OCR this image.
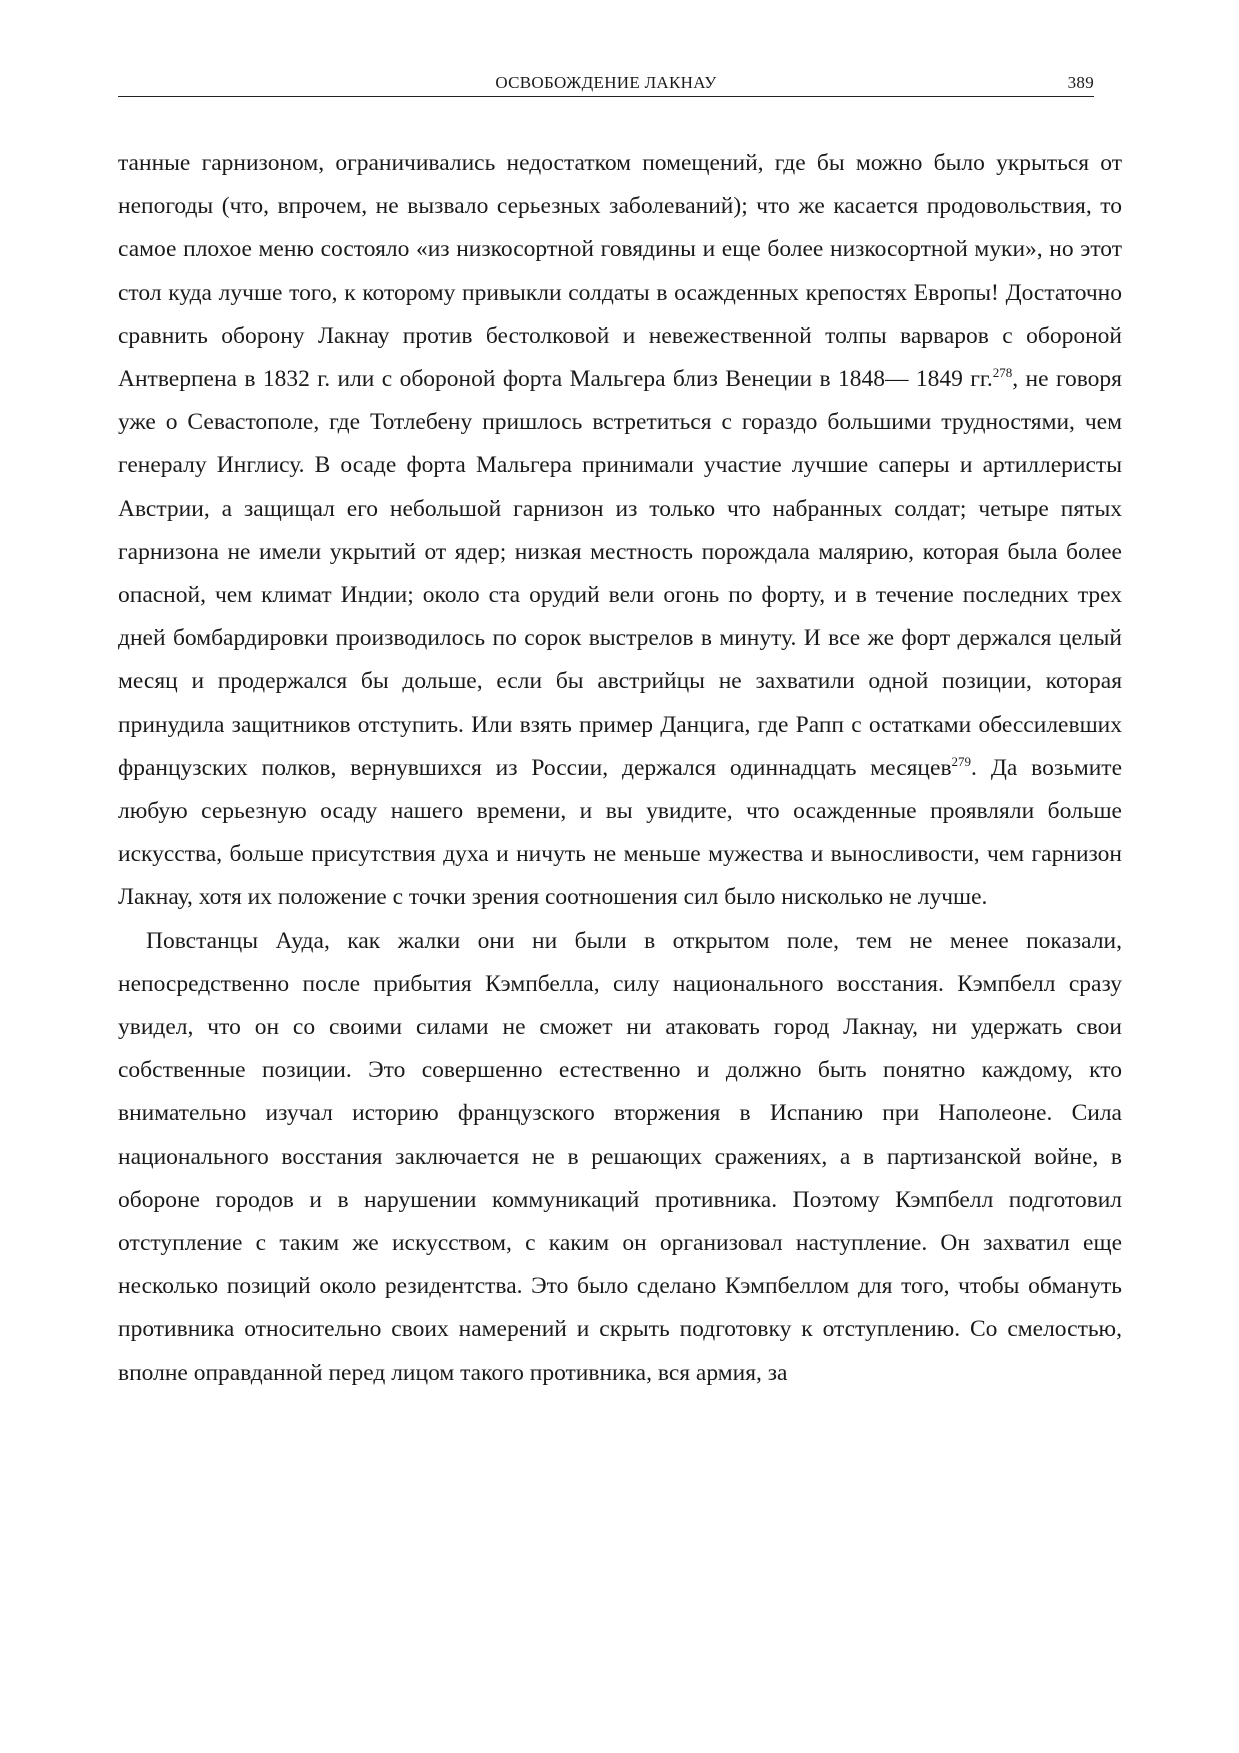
ОСВОБОЖДЕНИЕ ЛАКНАУ	389

танные гарнизоном, ограничивались недостатком помещений, где бы можно было укрыться от непогоды (что, впрочем, не вызвало серьезных заболеваний); что же касается продовольствия, то самое плохое меню состояло «из низкосортной говядины и еще более низкосортной муки», но этот стол куда лучше того, к которому привыкли солдаты в осажденных крепостях Европы! Достаточно сравнить оборону Лакнау против бестолковой и невежественной толпы варваров с обороной Антверпена в 1832 г. или с обороной форта Мальгера близ Венеции в 1848— 1849 гг.$^{278}$, не говоря уже о Севастополе, где Тотлебену пришлось встретиться с гораздо большими трудностями, чем генералу Инглису. В осаде форта Мальгера принимали участие лучшие саперы и артиллеристы Австрии, а защищал его небольшой гарнизон из только что набранных солдат; четыре пятых гарнизона не имели укрытий от ядер; низкая местность порождала малярию, которая была более опасной, чем климат Индии; около ста орудий вели огонь по форту, и в течение последних трех дней бомбардировки производилось по сорок выстрелов в минуту. И все же форт держался целый месяц и продержался бы дольше, если бы австрийцы не захватили одной позиции, которая принудила защитников отступить. Или взять пример Данцига, где Рапп с остатками обессилевших французских полков, вернувшихся из России, держался одиннадцать месяцев$^{279}$. Да возьмите любую серьезную осаду нашего времени, и вы увидите, что осажденные проявляли больше искусства, больше присутствия духа и ничуть не меньше мужества и выносливости, чем гарнизон Лакнау, хотя их положение с точки зрения соотношения сил было нисколько не лучше.

Повстанцы Ауда, как жалки они ни были в открытом поле, тем не менее показали, непосредственно после прибытия Кэмпбелла, силу национального восстания. Кэмпбелл сразу увидел, что он со своими силами не сможет ни атаковать город Лакнау, ни удержать свои собственные позиции. Это совершенно естественно и должно быть понятно каждому, кто внимательно изучал историю французского вторжения в Испанию при Наполеоне. Сила национального восстания заключается не в решающих сражениях, а в партизанской войне, в обороне городов и в нарушении коммуникаций противника. Поэтому Кэмпбелл подготовил отступление с таким же искусством, с каким он организовал наступление. Он захватил еще несколько позиций около резидентства. Это было сделано Кэмпбеллом для того, чтобы обмануть противника относительно своих намерений и скрыть подготовку к отступлению. Со смелостью, вполне оправданной перед лицом такого противника, вся армия, за
